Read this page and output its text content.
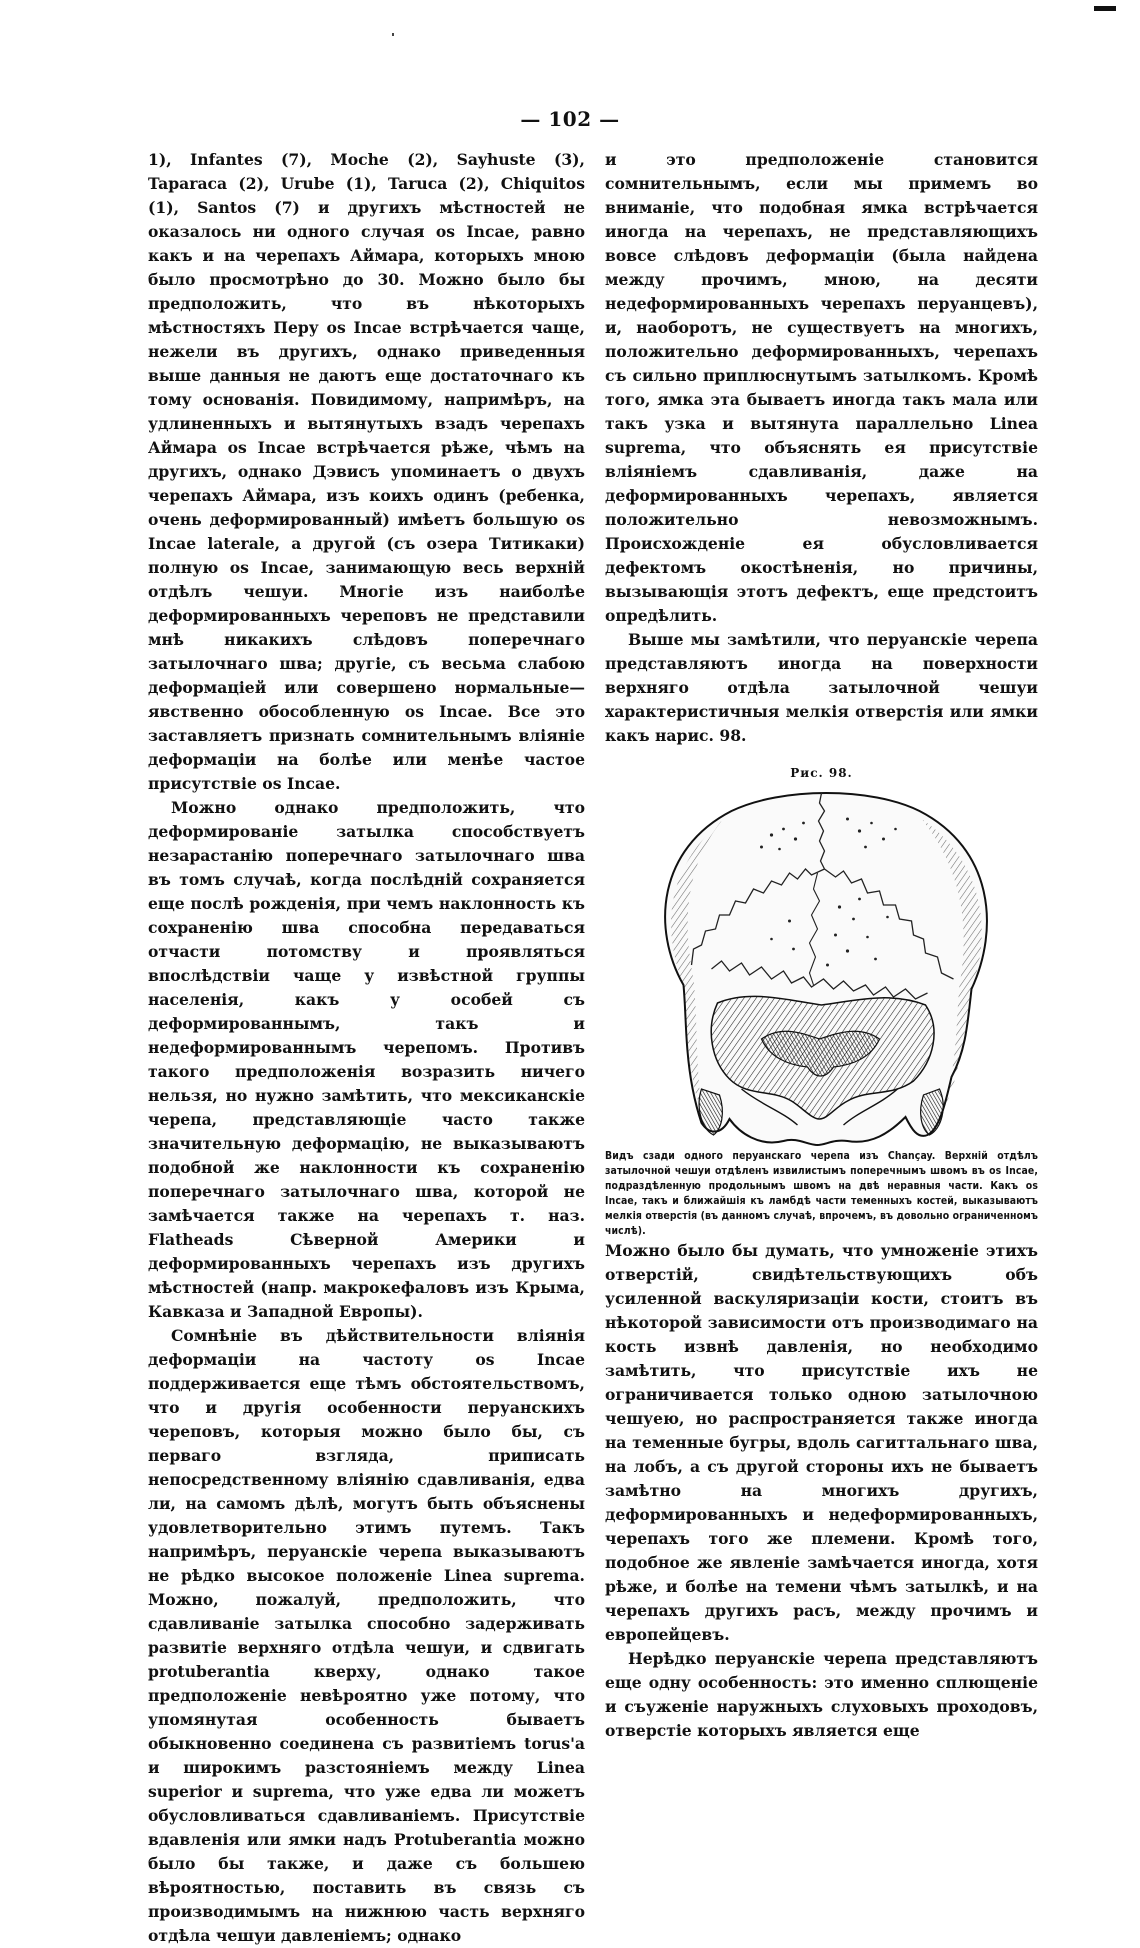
— 102 —

1), Infantes (7), Moche (2), Sayhuste (3), Taparaca (2), Urube (1), Taruca (2), Chiquitos (1), Santos (7) и другихъ мѣстностей не оказалось ни одного случая os Incae, равно какъ и на черепахъ Аймара, которыхъ мною было просмотрѣно до 30. Можно было бы предположить, что въ нѣкоторыхъ мѣстностяхъ Перу os Incae встрѣчается чаще, нежели въ другихъ, однако приведенныя выше данныя не даютъ еще достаточнаго къ тому основанія. Повидимому, напримѣръ, на удлиненныхъ и вытянутыхъ взадъ черепахъ Аймара os Incae встрѣчается рѣже, чѣмъ на другихъ, однако Дэвисъ упоминаетъ о двухъ черепахъ Аймара, изъ коихъ одинъ (ребенка, очень деформированный) имѣетъ большую os Incae laterale, а другой (съ озера Титикаки) полную os Incae, занимающую весь верхній отдѣлъ чешуи. Многіе изъ наиболѣе деформированныхъ череповъ не представили мнѣ никакихъ слѣдовъ поперечнаго затылочнаго шва; другіе, съ весьма слабою деформацiей или совершено нормальные—явственно обособленную os Incae. Все это заставляетъ признать сомнительнымъ вліяніе деформаціи на болѣе или менѣе частое присутствіе os Incae.

Можно однако предположить, что деформированіе затылка способствуетъ незарастанію поперечнаго затылочнаго шва въ томъ случаѣ, когда послѣдній сохраняется еще послѣ рожденія, при чемъ наклонность къ сохраненію шва способна передаваться отчасти потомству и проявляться впослѣдствіи чаще у извѣстной группы населенія, какъ у особей съ деформированнымъ, такъ и недеформированнымъ черепомъ. Противъ такого предположенія возразить ничего нельзя, но нужно замѣтить, что мексиканскіе черепа, представляющіе часто также значительную деформацію, не выказываютъ подобной же наклонности къ сохраненію поперечнаго затылочнаго шва, которой не замѣчается также на черепахъ т. наз. Flatheads Сѣверной Америки и деформированныхъ черепахъ изъ другихъ мѣстностей (напр. макрокефаловъ изъ Крыма, Кавказа и Западной Европы).

Сомнѣніе въ дѣйствительности вліянія деформаціи на частоту os Incae поддерживается еще тѣмъ обстоятельствомъ, что и другія особенности перуанскихъ череповъ, которыя можно было бы, съ перваго взгляда, приписать непосредственному вліянію сдавливанія, едва ли, на самомъ дѣлѣ, могутъ быть объяснены удовлетворительно этимъ путемъ. Такъ напримѣръ, перуанскіе черепа выказываютъ не рѣдко высокое положеніе Linea suprema. Можно, пожалуй, предположить, что сдавливаніе затылка способно задерживать развитіе верхняго отдѣла чешуи, и сдвигать protuberantia кверху, однако такое предположеніе невѣроятно уже потому, что упомянутая особенность бываетъ обыкновенно соединена съ развитіемъ torus'а и широкимъ разстояніемъ между Linea superior и suprema, что уже едва ли можетъ обусловливаться сдавливаніемъ. Присутствіе вдавленія или ямки надъ Protuberantia можно было бы также, и даже съ большею вѣроятностью, поставить въ связь съ производимымъ на нижнюю часть верхняго отдѣла чешуи давленіемъ; однако

и это предположеніе становится сомнительнымъ, если мы примемъ во вниманіе, что подобная ямка встрѣчается иногда на черепахъ, не представляющихъ вовсе слѣдовъ деформаціи (была найдена между прочимъ, мною, на десяти недеформированныхъ черепахъ перуанцевъ), и, наоборотъ, не существуетъ на многихъ, положительно деформированныхъ, черепахъ съ сильно приплюснутымъ затылкомъ. Кромѣ того, ямка эта бываетъ иногда такъ мала или такъ узка и вытянута параллельно Linea suprema, что объяснять ея присутствіе вліяніемъ сдавливанія, даже на деформированныхъ черепахъ, является положительно невозможнымъ. Происхожденіе ея обусловливается дефектомъ окостѣненія, но причины, вызывающія этотъ дефектъ, еще предстоитъ опредѣлить.

Выше мы замѣтили, что перуанскіе черепа представляютъ иногда на поверхности верхняго отдѣла затылочной чешуи характеристичныя мелкія отверстія или ямки какъ нарис. 98.

Рис. 98.

Видъ сзади одного перуанскаго черепа изъ Chançay. Верхній отдѣлъ затылочной чешуи отдѣленъ извилистымъ поперечнымъ швомъ въ os Incae, подраздѣленную продольнымъ швомъ на двѣ неравныя части. Какъ os Incae, такъ и ближайшія къ ламбдѣ части теменныхъ костей, выказываютъ мелкія отверстія (въ данномъ случаѣ, впрочемъ, въ довольно ограниченномъ числѣ).

Можно было бы думать, что умноженіе этихъ отверстій, свидѣтельствующихъ объ усиленной васкуляризаціи кости, стоитъ въ нѣкоторой зависимости отъ производимаго на кость извнѣ давленія, но необходимо замѣтить, что присутствіе ихъ не ограничивается только одною затылочною чешуею, но распространяется также иногда на теменные бугры, вдоль сагиттальнаго шва, на лобъ, а съ другой стороны ихъ не бываетъ замѣтно на многихъ другихъ, деформированныхъ и недеформированныхъ, черепахъ того же племени. Кромѣ того, подобное же явленіе замѣчается иногда, хотя рѣже, и болѣе на темени чѣмъ затылкѣ, и на черепахъ другихъ расъ, между прочимъ и европейцевъ.

Нерѣдко перуанскіе черепа представляютъ еще одну особенность: это именно сплющеніе и съуженіе наружныхъ слуховыхъ проходовъ, отверстіе которыхъ является еще
